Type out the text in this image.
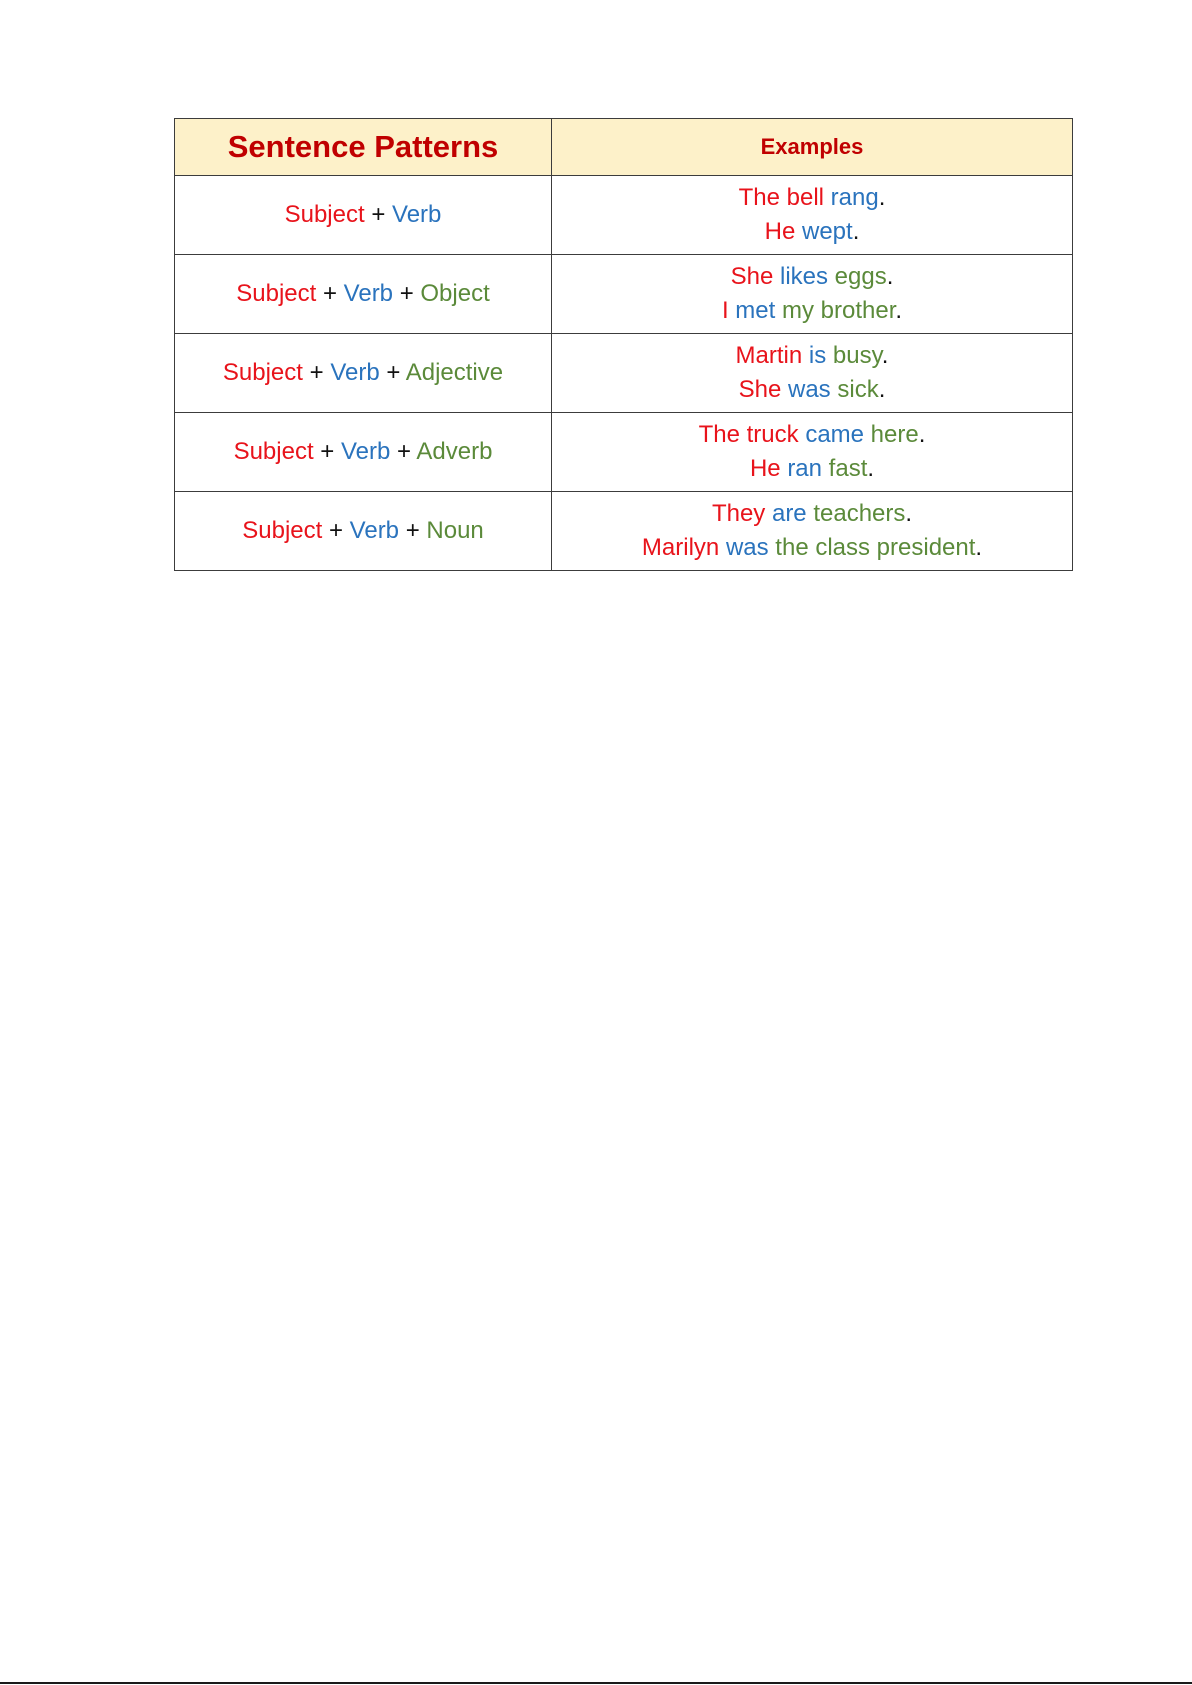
Sentence Patterns	Examples
Subject + Verb	The bell rang.
He wept.

Subject + Verb + Object	She likes eggs.
I met my brother.

Subject + Verb + Adjective	Martin is busy.
She was sick.

Subject + Verb + Adverb	The truck came here.
He ran fast.

Subject + Verb + Noun	They are teachers.
Marilyn was the class president.
